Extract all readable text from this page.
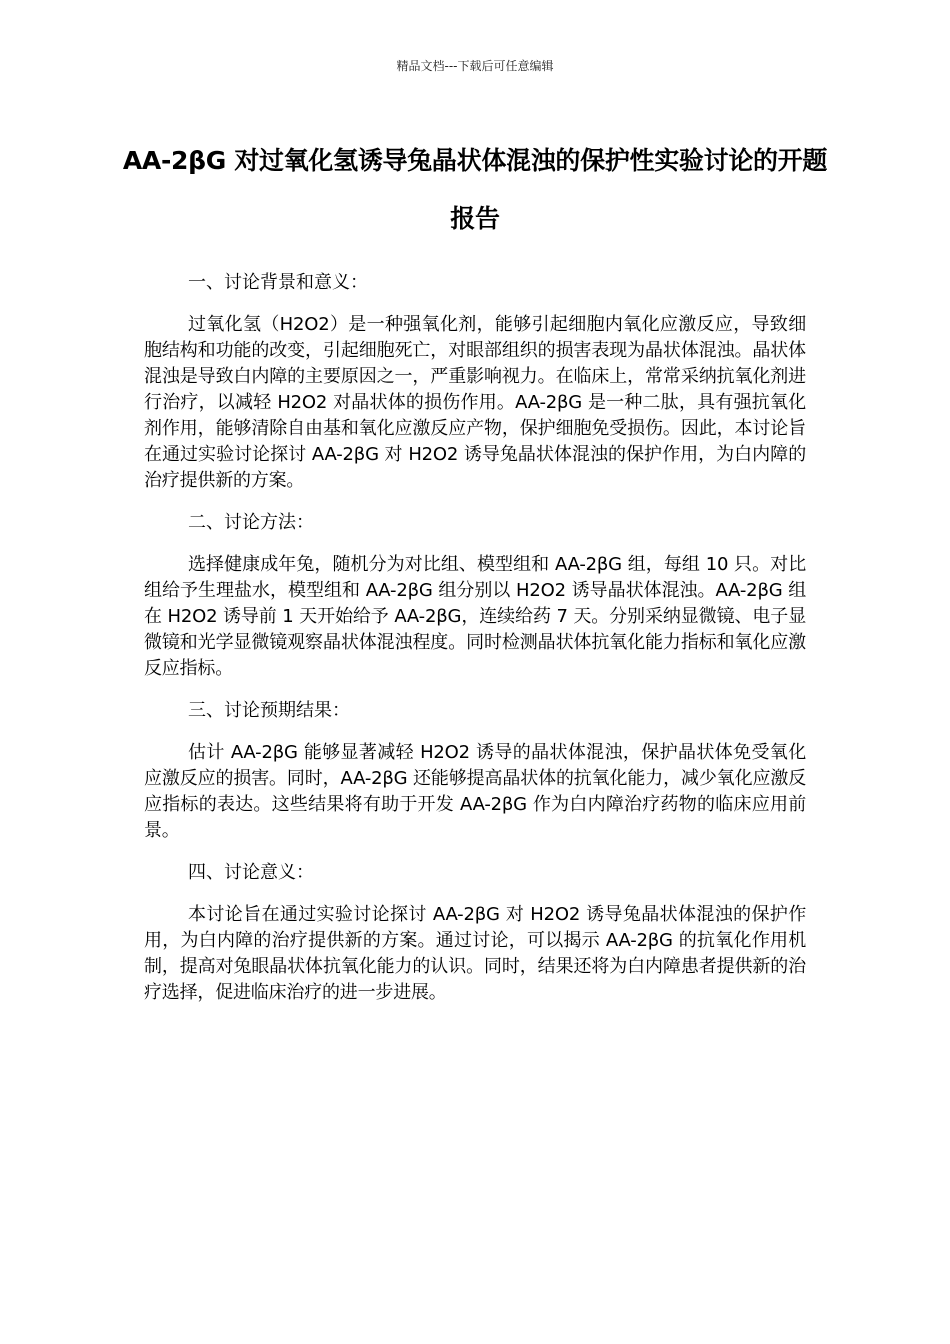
精品文档---下载后可任意编辑
AA-2βG 对过氧化氢诱导兔晶状体混浊的保护性实验讨论的开题报告

一、讨论背景和意义：

过氧化氢（H2O2）是一种强氧化剂，能够引起细胞内氧化应激反应，导致细胞结构和功能的改变，引起细胞死亡，对眼部组织的损害表现为晶状体混浊。晶状体混浊是导致白内障的主要原因之一，严重影响视力。在临床上，常常采纳抗氧化剂进行治疗，以减轻 H2O2 对晶状体的损伤作用。AA-2βG 是一种二肽，具有强抗氧化剂作用，能够清除自由基和氧化应激反应产物，保护细胞免受损伤。因此，本讨论旨在通过实验讨论探讨 AA-2βG 对 H2O2 诱导兔晶状体混浊的保护作用，为白内障的治疗提供新的方案。

二、讨论方法：

选择健康成年兔，随机分为对比组、模型组和 AA-2βG 组，每组 10 只。对比组给予生理盐水，模型组和 AA-2βG 组分别以 H2O2 诱导晶状体混浊。AA-2βG 组在 H2O2 诱导前 1 天开始给予 AA-2βG，连续给药 7 天。分别采纳显微镜、电子显微镜和光学显微镜观察晶状体混浊程度。同时检测晶状体抗氧化能力指标和氧化应激反应指标。

三、讨论预期结果：

估计 AA-2βG 能够显著减轻 H2O2 诱导的晶状体混浊，保护晶状体免受氧化应激反应的损害。同时，AA-2βG 还能够提高晶状体的抗氧化能力，减少氧化应激反应指标的表达。这些结果将有助于开发 AA-2βG 作为白内障治疗药物的临床应用前景。

四、讨论意义：

本讨论旨在通过实验讨论探讨 AA-2βG 对 H2O2 诱导兔晶状体混浊的保护作用，为白内障的治疗提供新的方案。通过讨论，可以揭示 AA-2βG 的抗氧化作用机制，提高对兔眼晶状体抗氧化能力的认识。同时，结果还将为白内障患者提供新的治疗选择，促进临床治疗的进一步进展。
